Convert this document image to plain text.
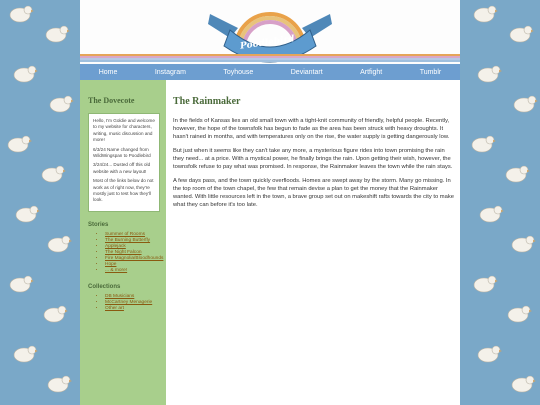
Poodlebird
Home	Instagram	Toyhouse	Deviantart	Artfight	Tumblr
The Dovecote

Hello, I'm Goldie and welcome to my website for characters, writing, music discussion and more!

6/3/24 Name changed from WildWingspan to Poodlebird

3/24/24... Dusted off this old website with a new layout!

Most of the links below do not work as of right now, they're mostly just to test how they'll look.

Stories
• Summer of Rooms
• The Burning Butterfly
• Applejack
• The Night Falcon
• Fire Magnolia/Bloodhounds
• Hope
• ... & more!
Collections
• DB Musicians
• McCartney Menagerie
• Other art
The Rainmaker

In the fields of Kansas lies an old small town with a tight-knit community of friendly, helpful people. Recently, however, the hope of the townsfolk has begun to fade as the area has been struck with heavy droughts. It hasn't rained in months, and with temperatures only on the rise, the water supply is getting dangerously low.

But just when it seems like they can't take any more, a mysterious figure rides into town promising the rain they need... at a price. With a mystical power, he finally brings the rain. Upon getting their wish, however, the townsfolk refuse to pay what was promised. In response, the Rainmaker leaves the town while the rain stays.

A few days pass, and the town quickly overfloods. Homes are swept away by the storm. Many go missing. In the top room of the town chapel, the few that remain devise a plan to get the money that the Rainmaker wanted. With little resources left in the town, a brave group set out on makeshift rafts towards the city to make what they can before it's too late.
